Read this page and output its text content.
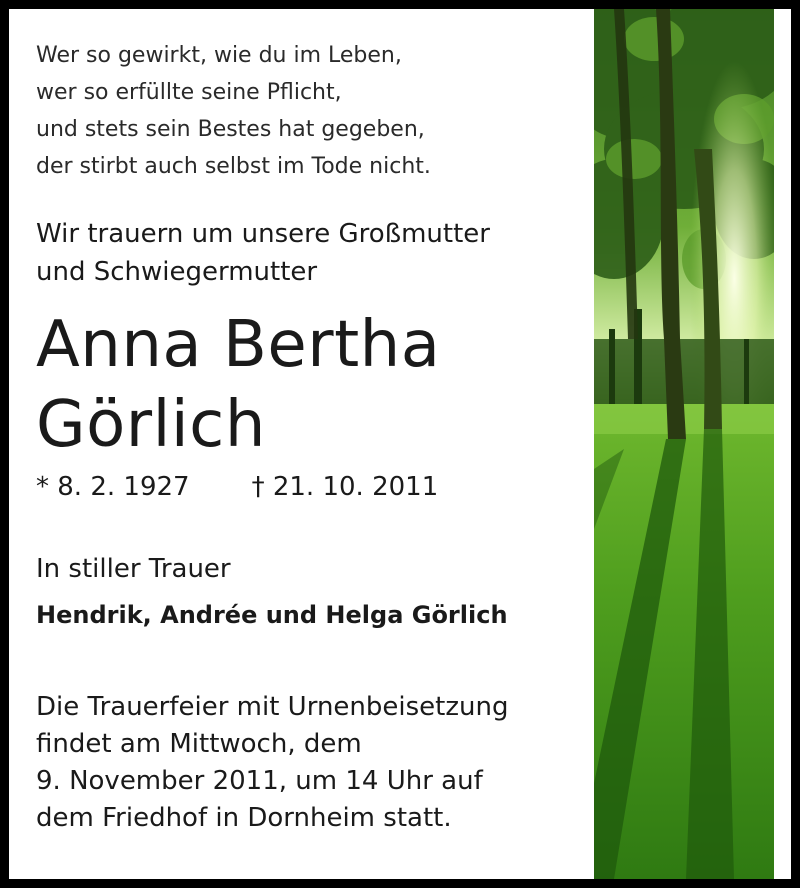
Wer so gewirkt, wie du im Leben,

wer so erfüllte seine Pflicht,

und stets sein Bestes hat gegeben,

der stirbt auch selbst im Tode nicht.

Wir trauern um unsere Großmutter

und Schwiegermutter

Anna Bertha

Görlich

* 8. 2. 1927 † 21. 10. 2011
In stiller Trauer
Hendrik, Andrée und Helga Görlich

Die Trauerfeier mit Urnenbeisetzung

findet am Mittwoch, dem

9. November 2011, um 14 Uhr auf

dem Friedhof in Dornheim statt.
